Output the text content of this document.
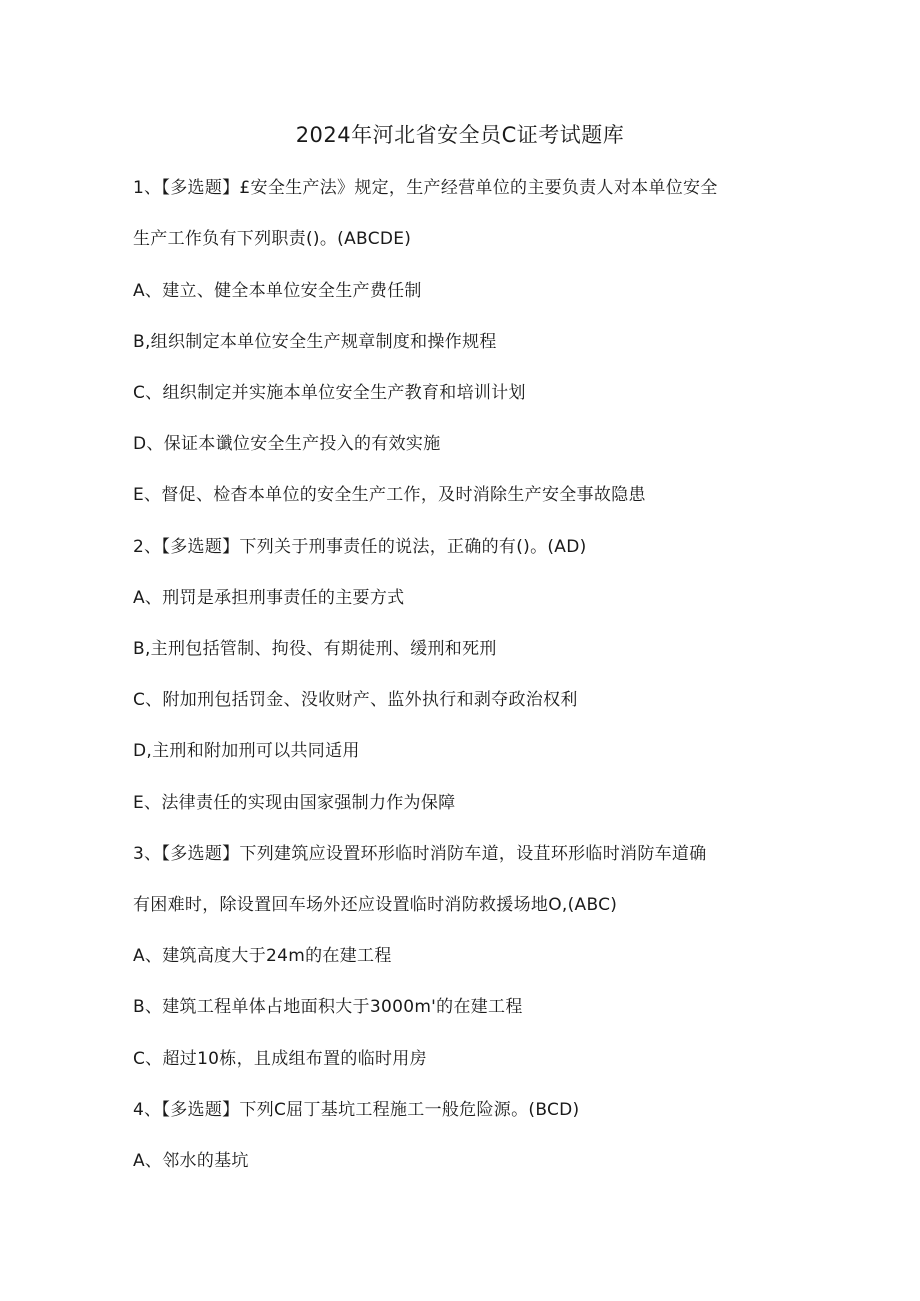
2024年河北省安全员C证考试题库
1、【多选题】£安全生产法》规定，生产经营单位的主要负责人对本单位安全
生产工作负有下列职责()。(ABCDE)
A、建立、健全本单位安全生产费任制
B,组织制定本单位安全生产规章制度和操作规程
C、组织制定并实施本单位安全生产教育和培训计划
D、保证本谶位安全生产投入的有效实施
E、督促、检杳本单位的安全生产工作，及时消除生产安全事故隐患
2、【多选题】下列关于刑事责任的说法，正确的有()。(AD)
A、刑罚是承担刑事责任的主要方式
B,主刑包括管制、拘役、有期徒刑、缓刑和死刑
C、附加刑包括罚金、没收财产、监外执行和剥夺政治权利
D,主刑和附加刑可以共同适用
E、法律责任的实现由国家强制力作为保障
3、【多选题】下列建筑应设置环形临时消防车道，设苴环形临时消防车道确
有困难时，除设置回车场外还应设置临时消防救援场地O,(ABC)
A、建筑高度大于24m的在建工程
B、建筑工程单体占地面积大于3000m'的在建工程
C、超过10栋，且成组布置的临时用房
4、【多选题】下列C屈丁基坑工程施工一般危险源。(BCD)
A、邻水的基坑
